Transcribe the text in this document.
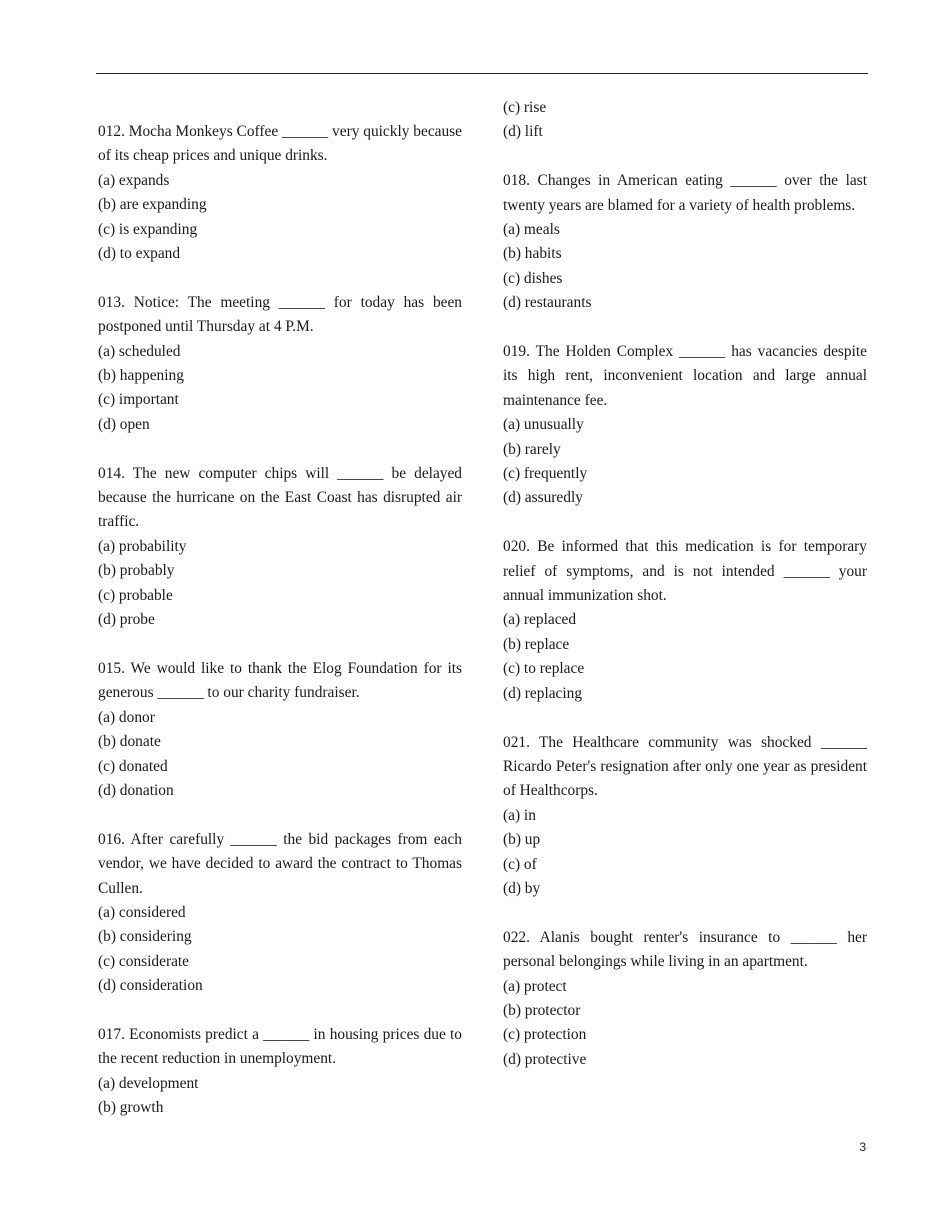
012. Mocha Monkeys Coffee ______ very quickly because of its cheap prices and unique drinks.
(a) expands
(b) are expanding
(c) is expanding
(d) to expand
013. Notice: The meeting ______ for today has been postponed until Thursday at 4 P.M.
(a) scheduled
(b) happening
(c) important
(d) open
014. The new computer chips will ______ be delayed because the hurricane on the East Coast has disrupted air traffic.
(a) probability
(b) probably
(c) probable
(d) probe
015. We would like to thank the Elog Foundation for its generous ______ to our charity fundraiser.
(a) donor
(b) donate
(c) donated
(d) donation
016. After carefully ______ the bid packages from each vendor, we have decided to award the contract to Thomas Cullen.
(a) considered
(b) considering
(c) considerate
(d) consideration
017. Economists predict a ______ in housing prices due to the recent reduction in unemployment.
(a) development
(b) growth
(c) rise
(d) lift
018. Changes in American eating ______ over the last twenty years are blamed for a variety of health problems.
(a) meals
(b) habits
(c) dishes
(d) restaurants
019. The Holden Complex ______ has vacancies despite its high rent, inconvenient location and large annual maintenance fee.
(a) unusually
(b) rarely
(c) frequently
(d) assuredly
020. Be informed that this medication is for temporary relief of symptoms, and is not intended ______ your annual immunization shot.
(a) replaced
(b) replace
(c) to replace
(d) replacing
021. The Healthcare community was shocked ______ Ricardo Peter's resignation after only one year as president of Healthcorps.
(a) in
(b) up
(c) of
(d) by
022. Alanis bought renter's insurance to ______ her personal belongings while living in an apartment.
(a) protect
(b) protector
(c) protection
(d) protective
3
